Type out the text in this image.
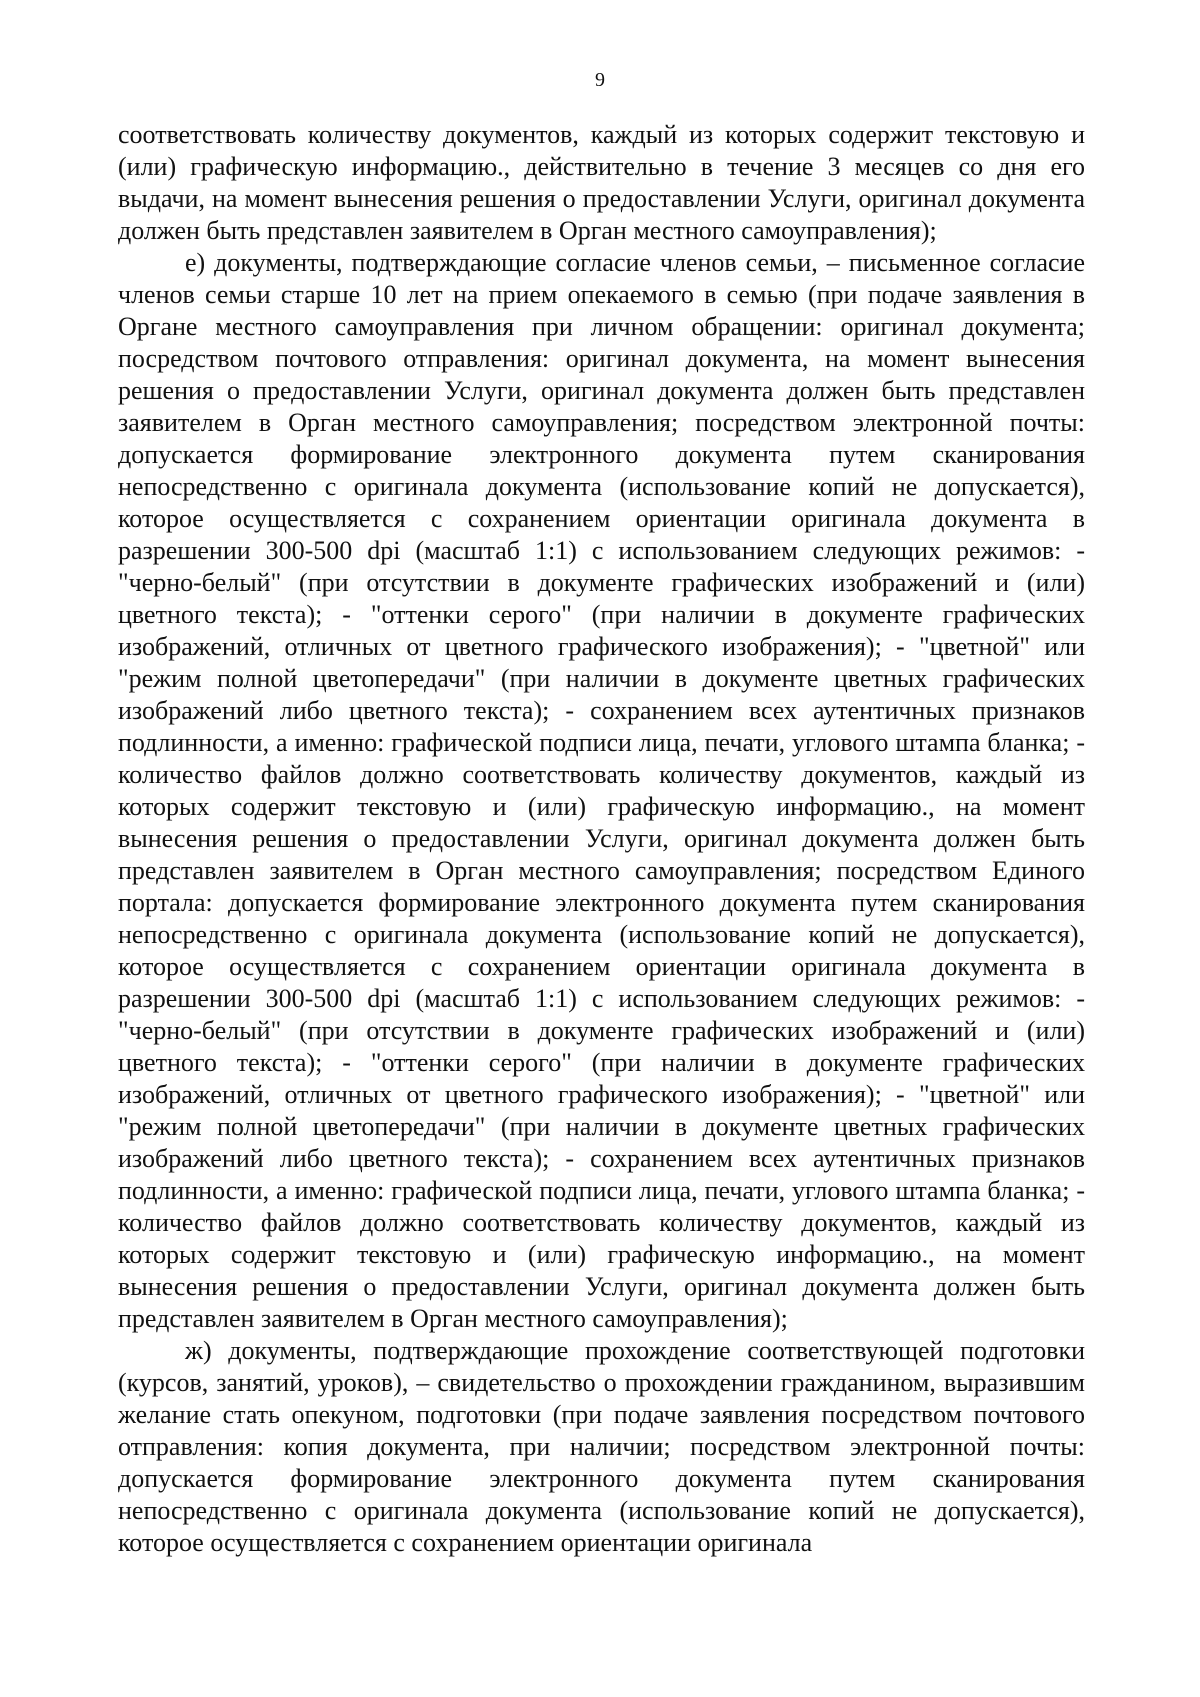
9

соответствовать количеству документов, каждый из которых содержит текстовую и (или) графическую информацию., действительно в течение 3 месяцев со дня его выдачи, на момент вынесения решения о предоставлении Услуги, оригинал документа должен быть представлен заявителем в Орган местного самоуправления);

е) документы, подтверждающие согласие членов семьи, – письменное согласие членов семьи старше 10 лет на прием опекаемого в семью (при подаче заявления в Органе местного самоуправления при личном обращении: оригинал документа; посредством почтового отправления: оригинал документа, на момент вынесения решения о предоставлении Услуги, оригинал документа должен быть представлен заявителем в Орган местного самоуправления; посредством электронной почты: допускается формирование электронного документа путем сканирования непосредственно с оригинала документа (использование копий не допускается), которое осуществляется с сохранением ориентации оригинала документа в разрешении 300-500 dpi (масштаб 1:1) с использованием следующих режимов: - "черно-белый" (при отсутствии в документе графических изображений и (или) цветного текста); - "оттенки серого" (при наличии в документе графических изображений, отличных от цветного графического изображения); - "цветной" или "режим полной цветопередачи" (при наличии в документе цветных графических изображений либо цветного текста); - сохранением всех аутентичных признаков подлинности, а именно: графической подписи лица, печати, углового штампа бланка; - количество файлов должно соответствовать количеству документов, каждый из которых содержит текстовую и (или) графическую информацию., на момент вынесения решения о предоставлении Услуги, оригинал документа должен быть представлен заявителем в Орган местного самоуправления; посредством Единого портала: допускается формирование электронного документа путем сканирования непосредственно с оригинала документа (использование копий не допускается), которое осуществляется с сохранением ориентации оригинала документа в разрешении 300-500 dpi (масштаб 1:1) с использованием следующих режимов: - "черно-белый" (при отсутствии в документе графических изображений и (или) цветного текста); - "оттенки серого" (при наличии в документе графических изображений, отличных от цветного графического изображения); - "цветной" или "режим полной цветопередачи" (при наличии в документе цветных графических изображений либо цветного текста); - сохранением всех аутентичных признаков подлинности, а именно: графической подписи лица, печати, углового штампа бланка; - количество файлов должно соответствовать количеству документов, каждый из которых содержит текстовую и (или) графическую информацию., на момент вынесения решения о предоставлении Услуги, оригинал документа должен быть представлен заявителем в Орган местного самоуправления);

ж) документы, подтверждающие прохождение соответствующей подготовки (курсов, занятий, уроков), – свидетельство о прохождении гражданином, выразившим желание стать опекуном, подготовки (при подаче заявления посредством почтового отправления: копия документа, при наличии; посредством электронной почты: допускается формирование электронного документа путем сканирования непосредственно с оригинала документа (использование копий не допускается), которое осуществляется с сохранением ориентации оригинала
